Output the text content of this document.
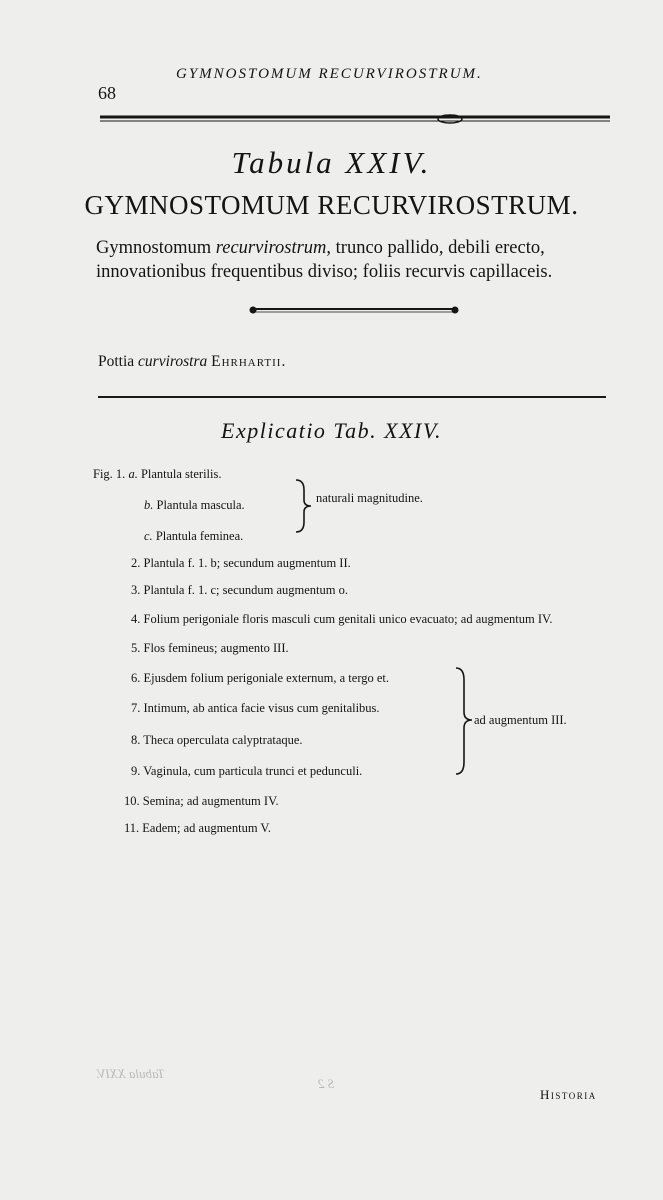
68
GYMNOSTOMUM RECURVIROSTRUM.
Tabula XXIV.
GYMNOSTOMUM RECURVIROSTRUM.
Gymnostomum recurvirostrum, trunco pallido, debili erecto, innovationibus frequentibus diviso; foliis recurvis capillaceis.
Pottia curvirostra Ehrhartii.
Explicatio Tab. XXIV.
Fig. 1. a. Plantula sterilis.
b. Plantula mascula.
c. Plantula feminea.
naturali magnitudine.
2. Plantula f. 1. b; secundum augmentum II.
3. Plantula f. 1. c; secundum augmentum o.
4. Folium perigoniale floris masculi cum genitali unico evacuato; ad augmentum IV.
5. Flos femineus; augmento III.
6. Ejusdem folium perigoniale externum, a tergo et.
7. Intimum, ab antica facie visus cum genitalibus.
8. Theca operculata calyptrataque.
9. Vaginula, cum particula trunci et pedunculi.
ad augmentum III.
10. Semina; ad augmentum IV.
11. Eadem; ad augmentum V.
Tabula XXIV.
S 2
Historia
